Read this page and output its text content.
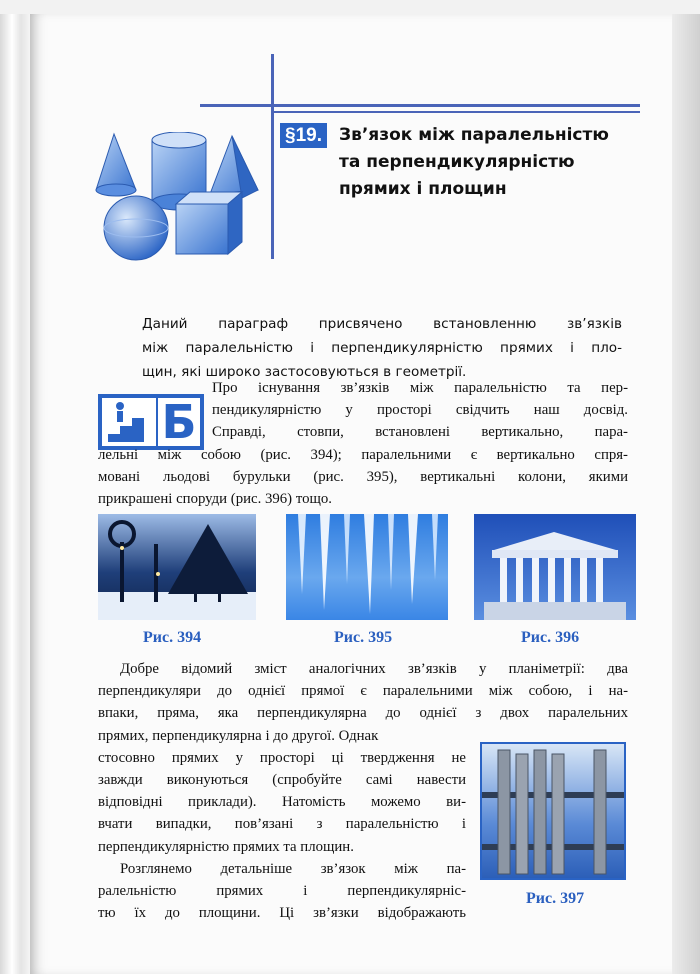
§19. Зв’язок між паралельністю
та перпендикулярністю
прямих і площин
Даний параграф присвячено встановленню зв’язків
між паралельністю і перпендикулярністю прямих і пло-
щин, які широко застосовуються в геометрії.
Б
Про існування зв’язків між паралельністю та пер-
пендикулярністю у просторі свідчить наш досвід.
Справді, стовпи, встановлені вертикально, пара-
лельні між собою (рис. 394); паралельними є вертикально спря-
мовані льодові бурульки (рис. 395), вертикальні колони, якими
прикрашені споруди (рис. 396) тощо.
Рис. 394	Рис. 395	Рис. 396
Добре відомий зміст аналогічних зв’язків у планіметрії: два
перпендикуляри до однієї прямої є паралельними між собою, і на-
впаки, пряма, яка перпендикулярна до однієї з двох паралельних
прямих, перпендикулярна і до другої. Однак
стосовно прямих у просторі ці твердження не
завжди виконуються (спробуйте самі навести
відповідні приклади). Натомість можемо ви-
вчати випадки, пов’язані з паралельністю і
перпендикулярністю прямих та площин.
Розглянемо детальніше зв’язок між па-
ралельністю прямих і перпендикулярніс-
тю їх до площини. Ці зв’язки відображають
Рис. 397
